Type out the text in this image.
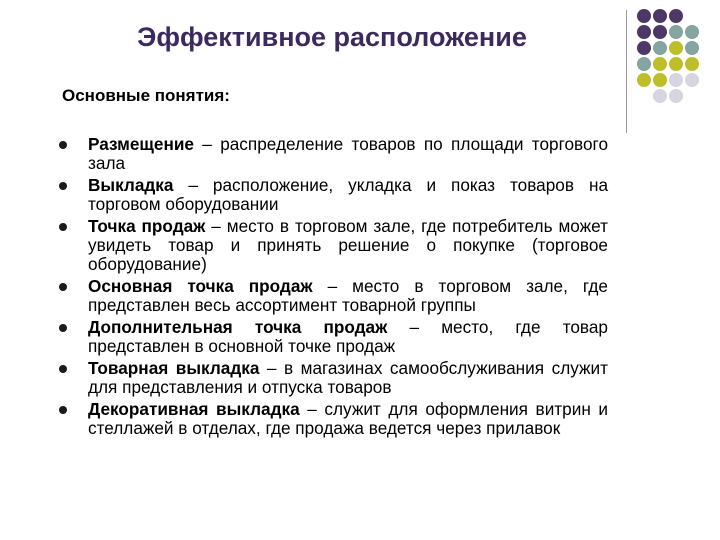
Эффективное расположение
Основные понятия:
Размещение – распределение товаров по площади торгового зала
Выкладка – расположение, укладка и показ товаров на торговом оборудовании
Точка продаж – место в торговом зале, где потребитель может увидеть товар и принять решение о покупке (торговое оборудование)
Основная точка продаж – место в торговом зале, где представлен весь ассортимент товарной группы
Дополнительная точка продаж – место, где товар представлен в основной точке продаж
Товарная выкладка – в магазинах самообслуживания служит для представления и отпуска товаров
Декоративная выкладка – служит для оформления витрин и стеллажей в отделах, где продажа ведется через прилавок
